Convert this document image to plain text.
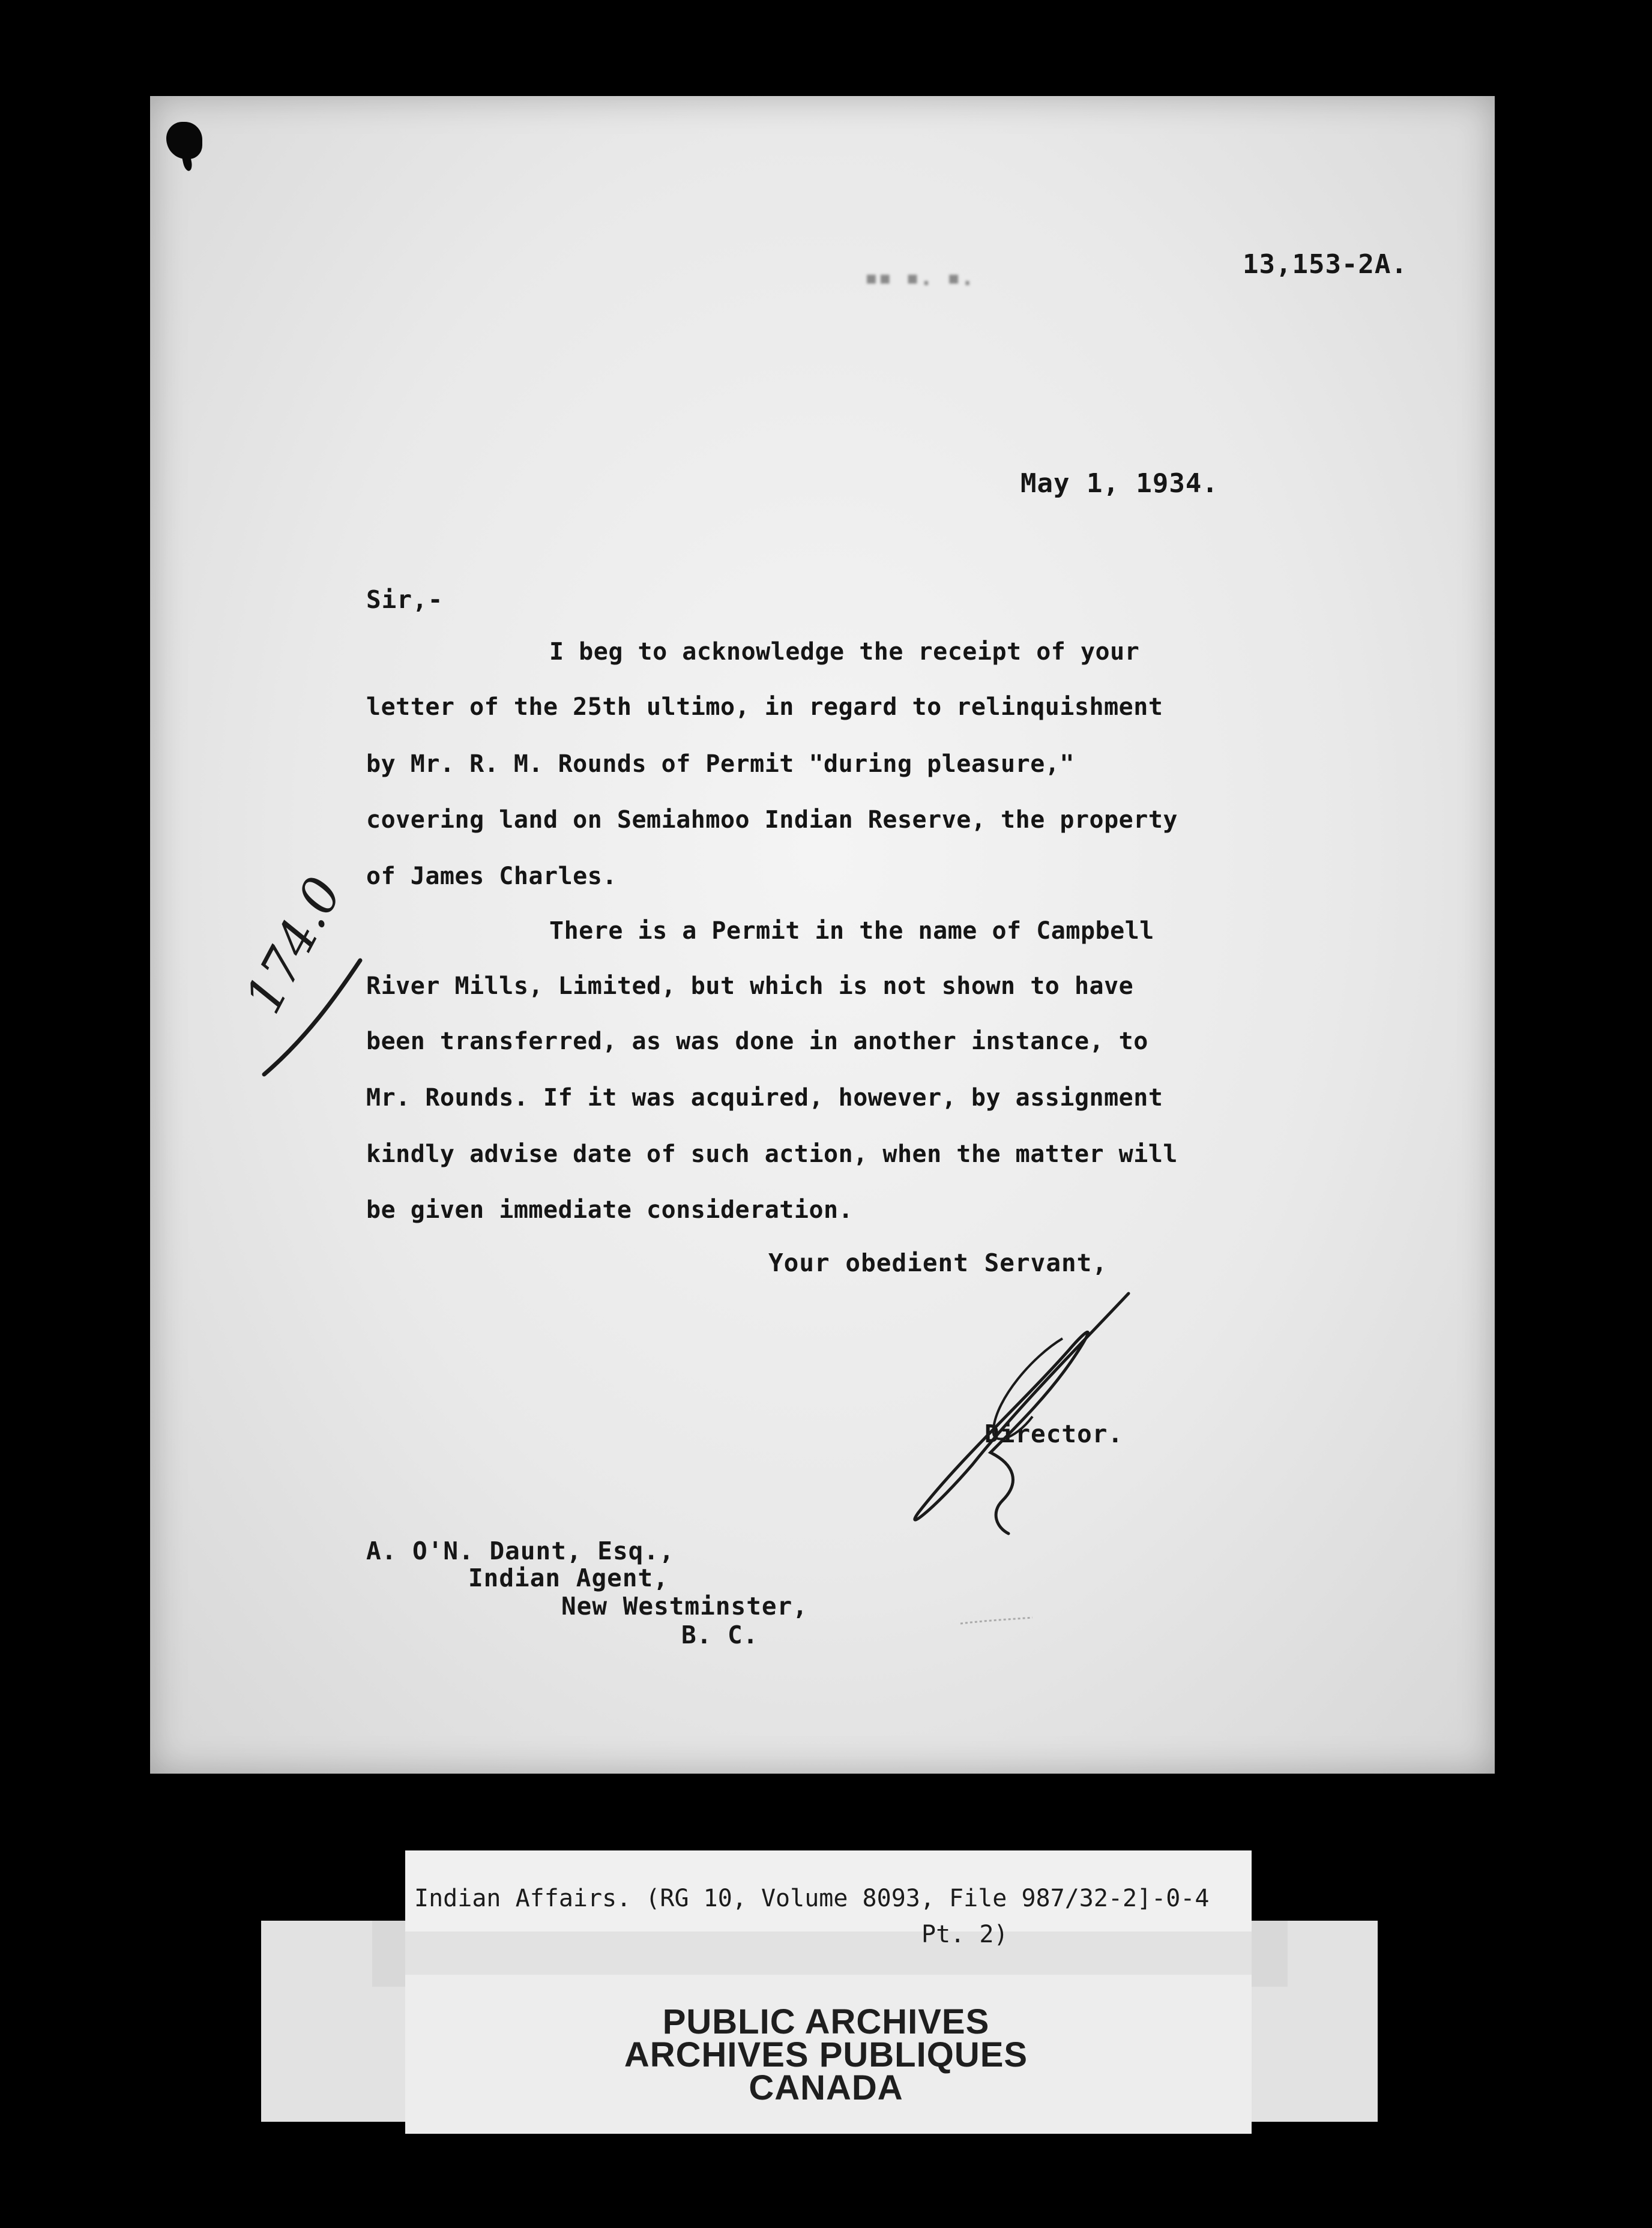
13,153-2A.
▪▪ ▪. ▪.
May 1, 1934.
Sir,-
I beg to acknowledge the receipt of your
letter of the 25th ultimo, in regard to relinquishment
by Mr. R. M. Rounds of Permit "during pleasure,"
covering land on Semiahmoo Indian Reserve, the property
of James Charles.
There is a Permit in the name of Campbell
River Mills, Limited, but which is not shown to have
been transferred, as was done in another instance, to
Mr. Rounds. If it was acquired, however, by assignment
kindly advise date of such action, when the matter will
be given immediate consideration.
Your obedient Servant,
Director.
A. O'N. Daunt, Esq.,
Indian Agent,
New Westminster,
B. C.
174.0
Indian Affairs. (RG 10, Volume 8093, File 987/32-2]-0-4
Pt. 2)
PUBLIC ARCHIVES
ARCHIVES PUBLIQUES
CANADA
